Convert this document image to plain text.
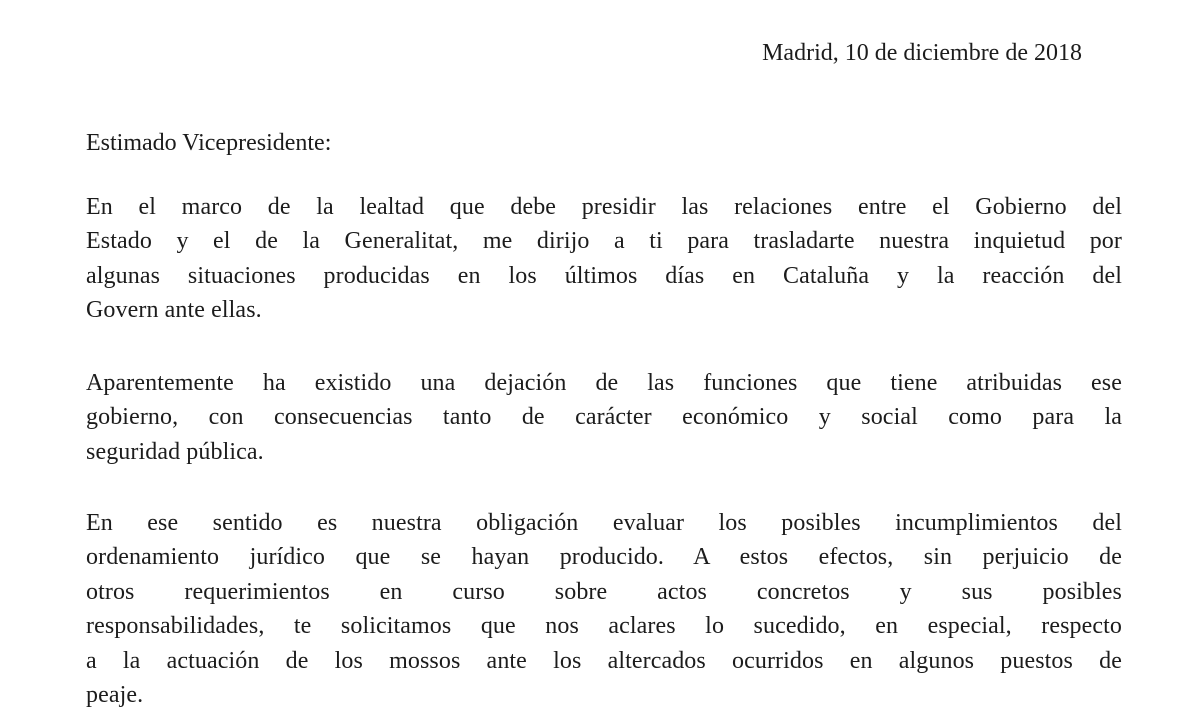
Madrid, 10 de diciembre de 2018
Estimado Vicepresidente:
En el marco de la lealtad que debe presidir las relaciones entre el Gobierno del
Estado y el de la Generalitat, me dirijo a ti para trasladarte nuestra inquietud por
algunas situaciones producidas en los últimos días en Cataluña y la reacción del
Govern ante ellas.
Aparentemente ha existido una dejación de las funciones que tiene atribuidas ese
gobierno, con consecuencias tanto de carácter económico y social como para la
seguridad pública.
En ese sentido es nuestra obligación evaluar los posibles incumplimientos del
ordenamiento jurídico que se hayan producido. A estos efectos, sin perjuicio de
otros requerimientos en curso sobre actos concretos y sus posibles
responsabilidades, te solicitamos que nos aclares lo sucedido, en especial, respecto
a la actuación de los mossos ante los altercados ocurridos en algunos puestos de
peaje.
